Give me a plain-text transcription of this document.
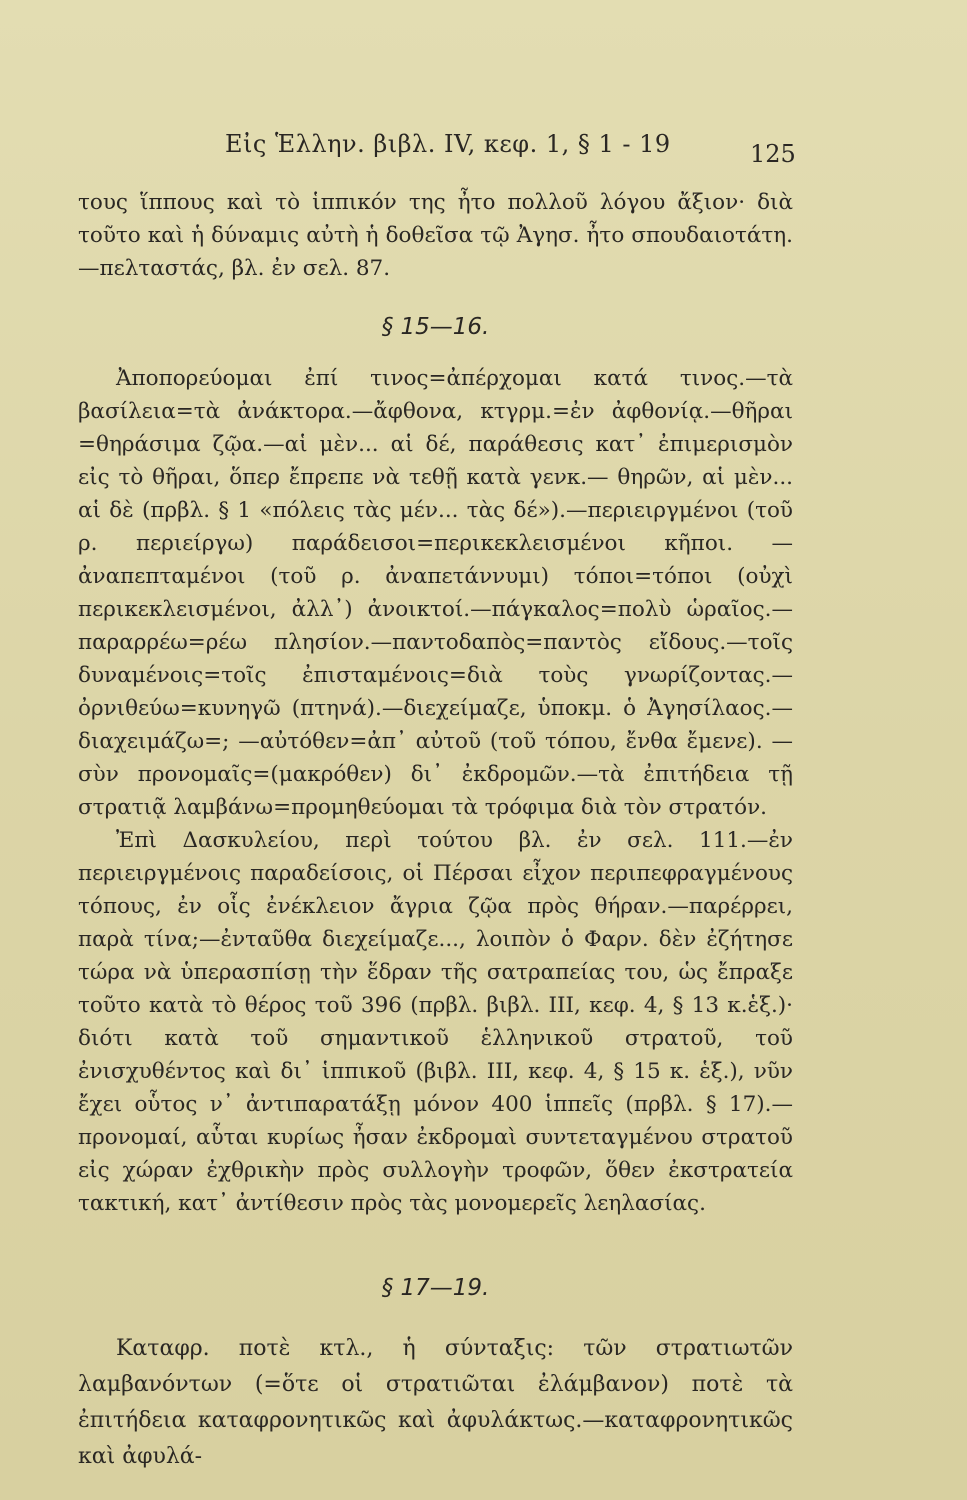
Εἰς Ἑλλην. βιβλ. IV, κεφ. 1, § 1 - 19	125

τους ἵππους καὶ τὸ ἱππικόν της ἦτο πολλοῦ λόγου ἄξιον· διὰ τοῦτο καὶ ἡ δύναμις αὐτὴ ἡ δοθεῖσα τῷ Ἀγησ. ἦτο σπουδαιοτάτη.—πελταστάς, βλ. ἐν σελ. 87.

§ 15—16.

Ἀποπορεύομαι ἐπί τινος=ἀπέρχομαι κατά τινος.—τὰ βασίλεια=τὰ ἀνάκτορα.—ἄφθονα, κτγρμ.=ἐν ἀφθονίᾳ.—θῆραι =θηράσιμα ζῷα.—αἱ μὲν... αἱ δέ, παράθεσις κατ᾽ ἐπιμερισμὸν εἰς τὸ θῆραι, ὅπερ ἔπρεπε νὰ τεθῇ κατὰ γενκ.— θηρῶν, αἱ μὲν... αἱ δὲ (πρβλ. § 1 «πόλεις τὰς μέν... τὰς δέ»).—περιειργμένοι (τοῦ ρ. περιείργω) παράδεισοι=περικεκλεισμένοι κῆποι. —ἀναπεπταμένοι (τοῦ ρ. ἀναπετάννυμι) τόποι=τόποι (οὐχὶ περικεκλεισμένοι, ἀλλ᾽) ἀνοικτοί.—πάγκαλος=πολὺ ὡραῖος.— παραρρέω=ρέω πλησίον.—παντοδαπὸς=παντὸς εἴδους.—τοῖς δυναμένοις=τοῖς ἐπισταμένοις=διὰ τοὺς γνωρίζοντας.—ὀρνιθεύω=κυνηγῶ (πτηνά).—διεχείμαζε, ὑποκμ. ὁ Ἀγησίλαος.— διαχειμάζω=; —αὐτόθεν=ἀπ᾽ αὐτοῦ (τοῦ τόπου, ἔνθα ἔμενε). —σὺν προνομαῖς=(μακρόθεν) δι᾽ ἐκδρομῶν.—τὰ ἐπιτήδεια τῇ στρατιᾷ λαμβάνω=προμηθεύομαι τὰ τρόφιμα διὰ τὸν στρατόν.

Ἐπὶ Δασκυλείου, περὶ τούτου βλ. ἐν σελ. 111.—ἐν περιειργμένοις παραδείσοις, οἱ Πέρσαι εἶχον περιπεφραγμένους τόπους, ἐν οἷς ἐνέκλειον ἄγρια ζῷα πρὸς θήραν.—παρέρρει, παρὰ τίνα;—ἐνταῦθα διεχείμαζε..., λοιπὸν ὁ Φαρν. δὲν ἐζήτησε τώρα νὰ ὑπερασπίσῃ τὴν ἕδραν τῆς σατραπείας του, ὡς ἔπραξε τοῦτο κατὰ τὸ θέρος τοῦ 396 (πρβλ. βιβλ. III, κεφ. 4, § 13 κ.ἑξ.)· διότι κατὰ τοῦ σημαντικοῦ ἑλληνικοῦ στρατοῦ, τοῦ ἐνισχυθέντος καὶ δι᾽ ἱππικοῦ (βιβλ. III, κεφ. 4, § 15 κ. ἑξ.), νῦν ἔχει οὗτος ν᾽ ἀντιπαρατάξῃ μόνον 400 ἱππεῖς (πρβλ. § 17).—προνομαί, αὗται κυρίως ἦσαν ἐκδρομαὶ συντεταγμένου στρατοῦ εἰς χώραν ἐχθρικὴν πρὸς συλλογὴν τροφῶν, ὅθεν ἐκστρατεία τακτική, κατ᾽ ἀντίθεσιν πρὸς τὰς μονομερεῖς λεηλασίας.

§ 17—19.

Καταφρ. ποτὲ κτλ., ἡ σύνταξις: τῶν στρατιωτῶν λαμβανόντων (=ὅτε οἱ στρατιῶται ἐλάμβανον) ποτὲ τὰ ἐπιτήδεια καταφρονητικῶς καὶ ἀφυλάκτως.—καταφρονητικῶς καὶ ἀφυλά-
